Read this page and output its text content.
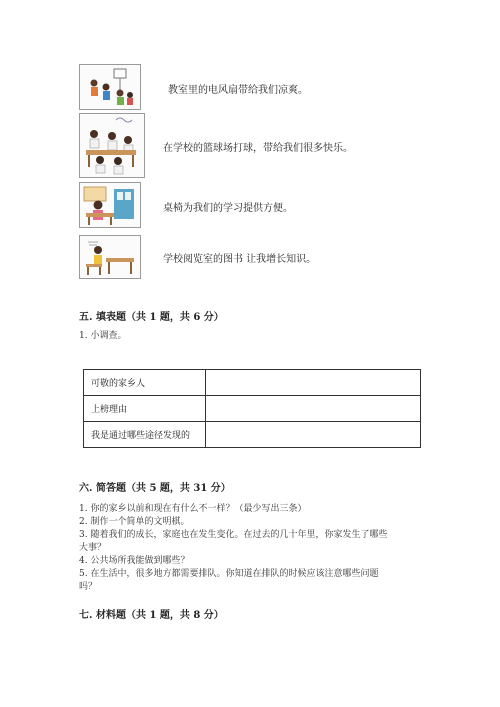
教室里的电风扇带给我们凉爽。
在学校的篮球场打球，带给我们很多快乐。
桌椅为我们的学习提供方便。
学校阅览室的图书 让我增长知识。
五. 填表题（共 1 题，共 6 分）
1. 小调查。
可敬的家乡人	
上榜理由	
我是通过哪些途径发现的	
六. 简答题（共 5 题，共 31 分）
1. 你的家乡以前和现在有什么不一样？（最少写出三条）
2. 制作一个简单的文明棋。
3. 随着我们的成长，家庭也在发生变化。在过去的几十年里，你家发生了哪些
大事？
4. 公共场所我能做到哪些？
5. 在生活中，很多地方都需要排队。你知道在排队的时候应该注意哪些问题
吗？
七. 材料题（共 1 题，共 8 分）
